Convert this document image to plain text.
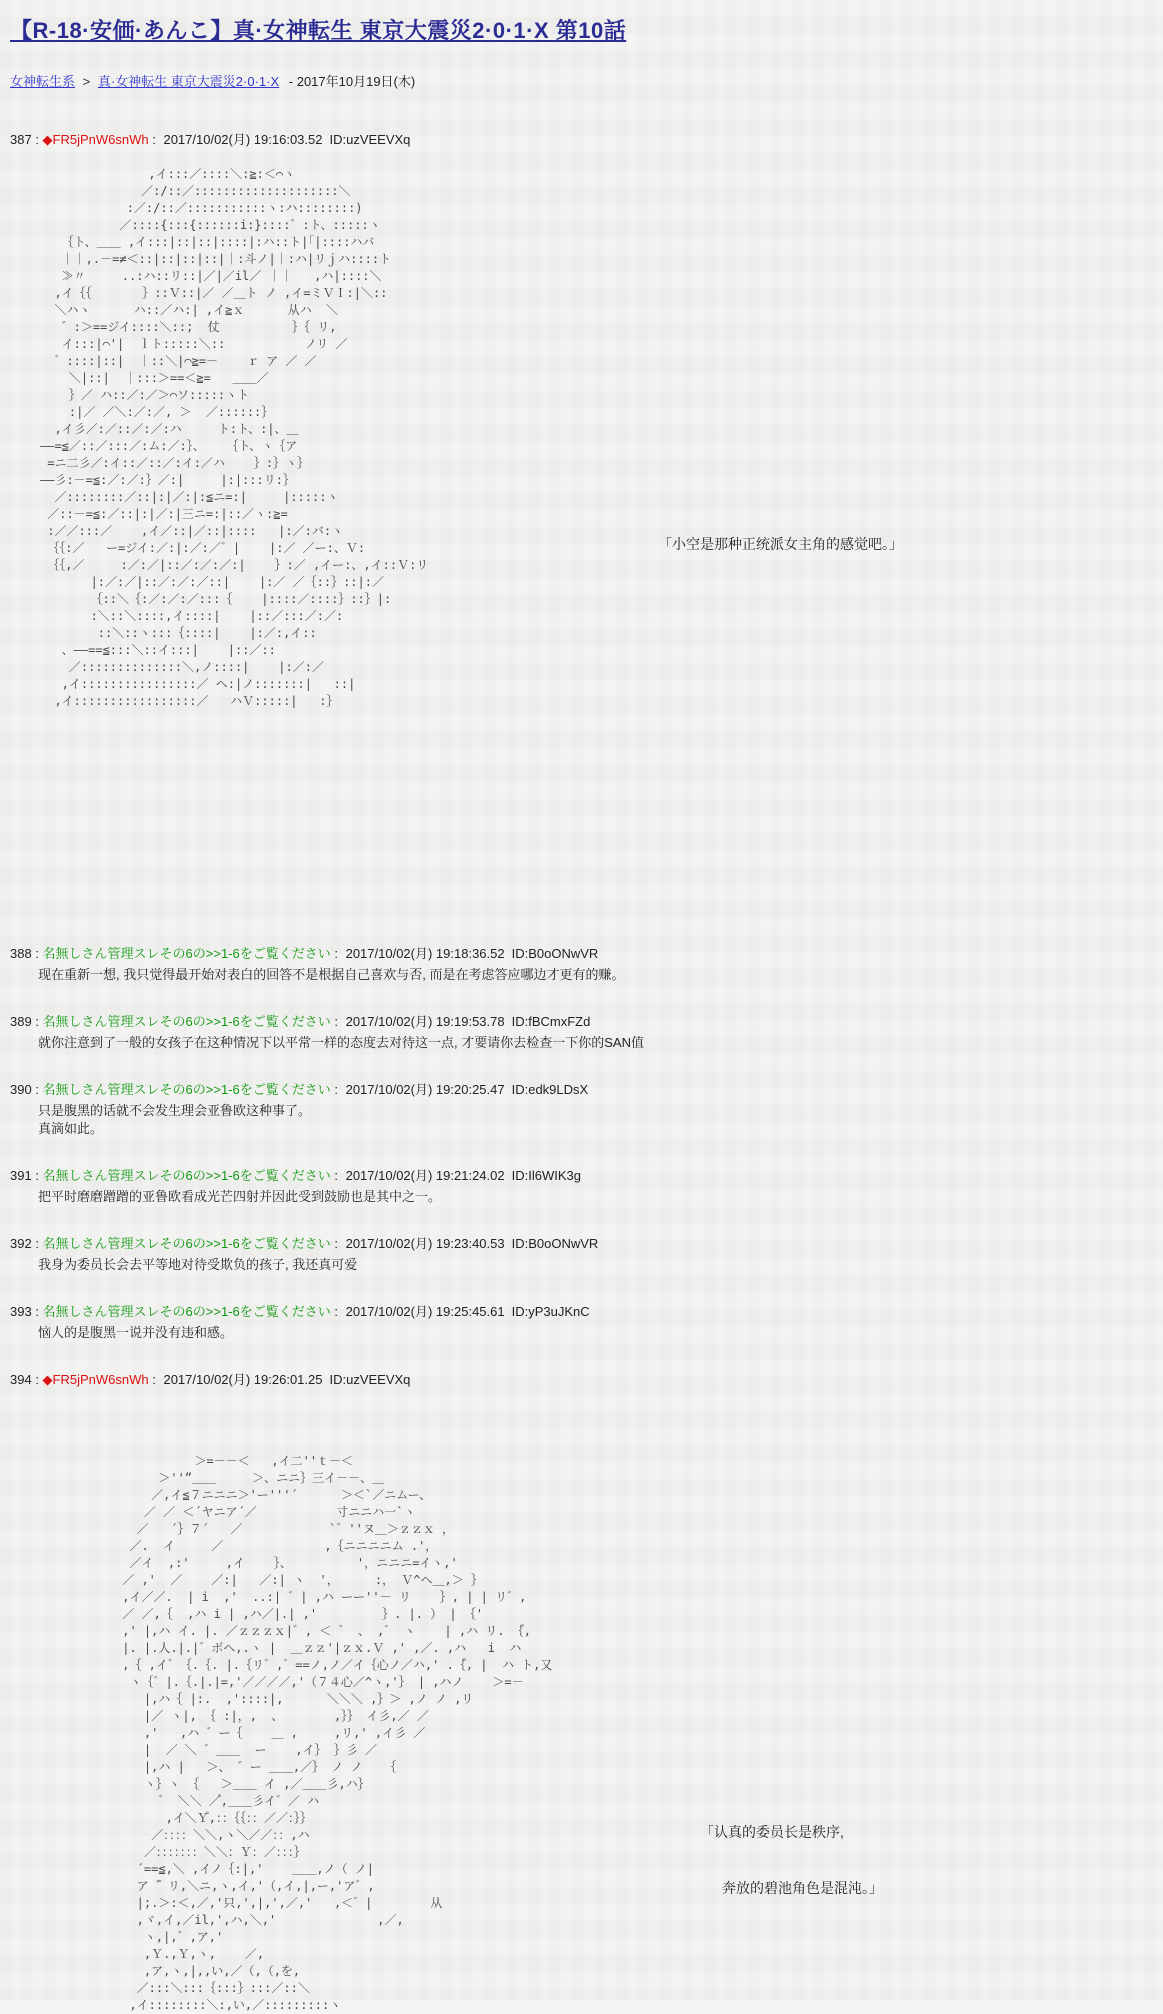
【R-18·安価·あんこ】真·女神転生 東京大震災2·0·1·X 第10話
女神転生系 > 真·女神転生 東京大震災2·0·1·X - 2017年10月19日(木)
387 : ◆FR5jPnW6snWh : 2017/10/02(月) 19:16:03.52 ID:uzVEEVXq
,イ:::／::::＼:≧:＜⌒ヽ
／:/::／::::::::::::::::::::＼
:／:/::／:::::::::::ヽ:ハ::::::::)
／::::{:::{::::::i:}::::゛:ト、:::::ヽ
｛ト、＿＿ ,イ:::|::|::|::::|:ハ::ト|｢|::::ハバ
｜｜,.－=≠＜::|::|::|::|｜:斗ノ|｜:ハ|リｊハ::::ト
≫〃     ..:ハ::リ::|／|／il／ ｜｜   ,ハ|::::＼
,イ｛｛       ｝::Ｖ::|／ ／＿ト ノ ,イ=ミＶＩ:|＼::
＼ハヽ      ハ::／ハ:| ,イ≧ｘ      从ハ  ＼
゛:＞==ジイ::::＼::;  仗          ｝｛ リ,
イ:::|⌒'|  ｌト:::::＼::           ノリ ／
゛::::|::|  ｜::＼|⌒≧=－    ｒ ア ／ ／
＼|::|  ｜:::＞==＜≧=   ＿＿／
｝／ ハ::／:／＞⌒ソ:::::ヽト
:|／ ／＼:／:／, ＞  ／::::::｝
,イ彡／:／::／:／:ハ     ト:ト、:|、＿
――=≦／::／:::／:ム:／:｝、   ｛ト、ヽ｛ア
=ニ二彡／:イ::／::／:イ:／ハ    ｝:｝ヽ｝
――彡:－=≦:／:／:｝／:|     |:|:::リ:｝
／::::::::／::|:|／:|:≦ニ=:|     |:::::ヽ
／::－=≦:／::|:|／:|三ニ=:|::／ヽ:≧=
:／／:::／    ,イ／::|／::|::::   |:／:バ:ヽ
｛｛:／   ー=ジイ:／:|:／:／゛|    |:／ ／ー:、Ｖ:
｛｛,／     :／:／|::／:／:／:|    ｝:／ ,イー:、,イ::Ｖ:リ
|:／:／|::／:／:／::|    |:／ ／｛::｝::|:／
｛::＼｛:／:／:／:::｛    |::::／::::｝::｝|:
:＼::＼::::,イ::::|    |::／:::／:／:
::＼::ヽ:::｛::::|    |:／:,イ::
、――==≦:::＼::イ:::|    |::／::
／::::::::::::::＼,ノ::::|    |:／:／
,イ::::::::::::::::／ ヘ:|ノ:::::::|   ::|
,イ:::::::::::::::::／   ハＶ:::::|   :｝
「小空是那种正统派女主角的感觉吧。」
388 : 名無しさん管理スレその6の>>1-6をご覧ください : 2017/10/02(月) 19:18:36.52 ID:B0oONwVR
现在重新一想, 我只觉得最开始对表白的回答不是根据自己喜欢与否, 而是在考虑答应哪边才更有的赚。
389 : 名無しさん管理スレその6の>>1-6をご覧ください : 2017/10/02(月) 19:19:53.78 ID:fBCmxFZd
就你注意到了一般的女孩子在这种情况下以平常一样的态度去对待这一点, 才要请你去检查一下你的SAN值
390 : 名無しさん管理スレその6の>>1-6をご覧ください : 2017/10/02(月) 19:20:25.47 ID:edk9LDsX
只是腹黑的话就不会发生理会亚鲁欧这种事了。
真滴如此。
391 : 名無しさん管理スレその6の>>1-6をご覧ください : 2017/10/02(月) 19:21:24.02 ID:Il6WIK3g
把平时磨磨蹭蹭的亚鲁欧看成光芒四射并因此受到鼓励也是其中之一。
392 : 名無しさん管理スレその6の>>1-6をご覧ください : 2017/10/02(月) 19:23:40.53 ID:B0oONwVR
我身为委员长会去平等地对待受欺负的孩子, 我还真可爱
393 : 名無しさん管理スレその6の>>1-6をご覧ください : 2017/10/02(月) 19:25:45.61 ID:yP3uJKnC
恼人的是腹黑一说并没有违和感。
394 : ◆FR5jPnW6snWh : 2017/10/02(月) 19:26:01.25 ID:uzVEEVXq

＞=－－＜   ,イ二''ｔ－＜
＞''”＿＿     ＞、ニニ｝三イ－－、＿
／,イ≦７ニニニ＞'ー'''´      ＞＜`／ニムー、
／ ／ ＜´ヤニア´／           寸ニニハ一`ヽ
／   ´｝７´   ／            `゛''ヌ＿＞ｚｚｘ ，
／.  イ     ／              ,｛ニニニニム .'，
／イ  ,:'     ,イ    ｝、         '，ニニニ=イヽ,'
／ ,'  ／    ／:|   ／:| ヽ  '，     :， Ｖ^ヘ＿,＞ ｝
,イ／／.  | i  ,'  ..:| ゛| ,ハ ーー''－ リ    ｝, | | リ゛,
／ ／,｛  ,ハ i | ,ハ／|.| ,'         ｝. |. ） | ｛'
,' |,ハ イ. |. ／ｚｚｚｘ|゛, ＜ ゛ 、 ,゛ ヽ    | ,ハ リ. ｛゚,
|. |.人.|.|゛ボヘ,.ヽ |  ＿ｚｚ'|ｚｘ.Ｖ ,' ,／. ,ハ   i  ハ
,｛ ,イ゛｛.｛. |.｛リ゛,゛==ノ,ノ／イ｛心ノ／ハ,' .｛゚, |  ハ ト,又
ヽ｛゛|.｛.|.|=,'／／／／,'（７４心／^ヽ,'｝ | ,ハノ    ＞=－
|,ハ｛ |:.  ,'::::|,      ＼＼＼ ,｝＞ ,ノ ノ ,リ
|／ ヽ|, ｛ :|，,  、       ,｝｝ イ彡,／ ／
,'   ,ハ ゛ー｛    ＿ ,     ,リ,' ,イ彡 ／
|  ／ ＼ ゛＿＿  ー    ,イ｝ ｝彡 ／
|,ハ |   ＞、 ゛ー ＿＿,／｝ ノ ノ   ｛
ヽ｝ヽ ｛   ＞＿＿ イ ,／＿＿彡,ハ｝
゛ ＼＼ ／゚,＿＿彡イ゛／ ハ
,イ＼Ｙ゚,：：｛｛：：／／：｝｝
／：：：：＼＼,ヽ＼／／：：,ハ
／：：：：：：：＼＼：Ｙ：／：：：｝
´==≦,＼ ,イノ｛:|,'    ＿＿,ノ（ ノ|
ア ̄゛リ,＼ニ,ヽ,イ,'（,イ,|,ー,'ア゛,
|;.＞:＜,／,'只,',|,',／,'   ,＜゛|        从
,ヾ,イ,／il,',ハ,＼,'              ,／,
ヽ,|,゛,ア,'
,Ｙ.,Ｙ,ヽ,    ／,
,ア,ヽ,|,,い,／（,（,を,
／:::＼:::｛:::｝:::／::＼
,イ::::::::＼:,い,／:::::::::ヽ
「认真的委员长是秩序,
奔放的碧池角色是混沌。」
